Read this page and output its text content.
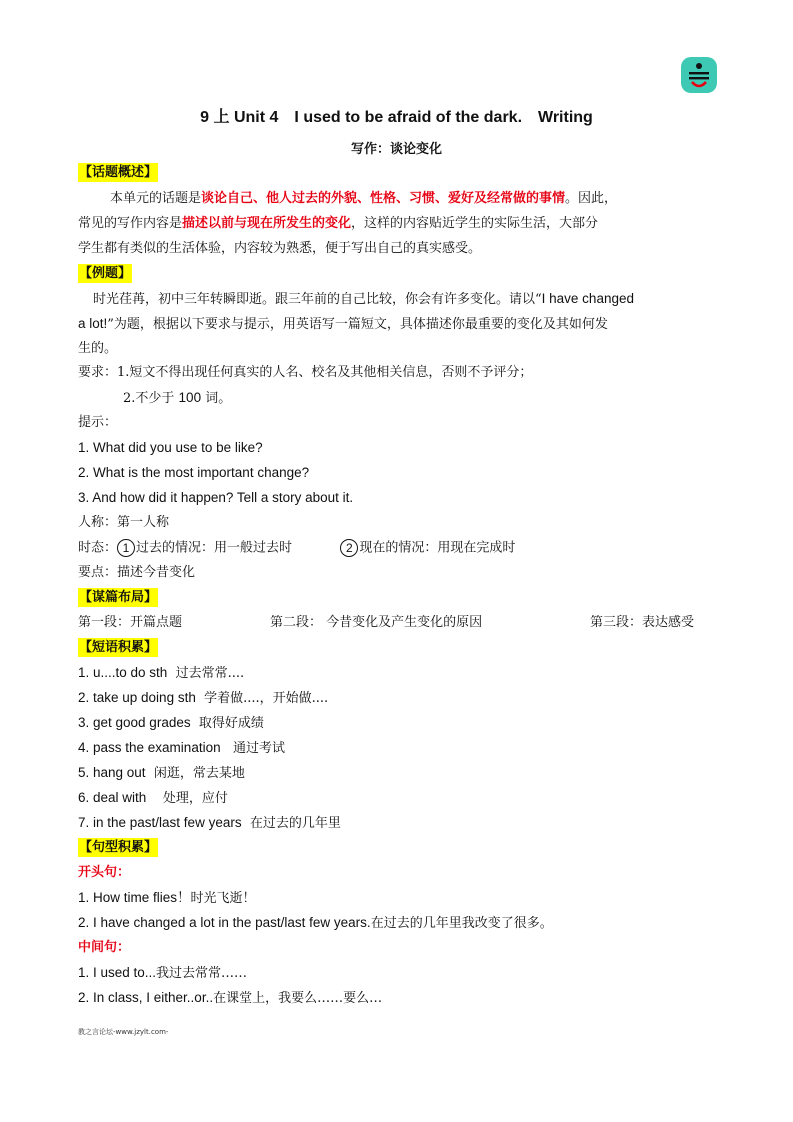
9 上 Unit 4 I used to be afraid of the dark. Writing
写作：谈论变化
【话题概述】
本单元的话题是谈论自己、他人过去的外貌、性格、习惯、爱好及经常做的事情。因此，
常见的写作内容是描述以前与现在所发生的变化，这样的内容贴近学生的实际生活，大部分
学生都有类似的生活体验，内容较为熟悉，便于写出自己的真实感受。
【例题】
时光荏苒，初中三年转瞬即逝。跟三年前的自己比较，你会有许多变化。请以“I have changed
a lot!”为题，根据以下要求与提示，用英语写一篇短文，具体描述你最重要的变化及其如何发
生的。
要求：1.短文不得出现任何真实的人名、校名及其他相关信息，否则不予评分；
2.不少于 100 词。
提示：
1. What did you use to be like?
2. What is the most important change?
3. And how did it happen? Tell a story about it.
人称：第一人称
时态： 1 过去的情况：用一般过去时	2 现在的情况：用现在完成时
要点：描述今昔变化
【谋篇布局】
第一段：开篇点题	第二段： 今昔变化及产生变化的原因	第三段：表达感受
【短语积累】
1. u....to do sth 过去常常....
2. take up doing sth 学着做....，开始做....
3. get good grades 取得好成绩
4. pass the examination 通过考试
5. hang out 闲逛，常去某地
6. deal with 处理，应付
7. in the past/last few years 在过去的几年里
【句型积累】
开头句：
1. How time flies！时光飞逝！
2. I have changed a lot in the past/last few years.在过去的几年里我改变了很多。
中间句：
1. I used to...我过去常常……
2. In class, I either..or..在课堂上，我要么……要么…
教之言论坛-www.jzylt.com-
